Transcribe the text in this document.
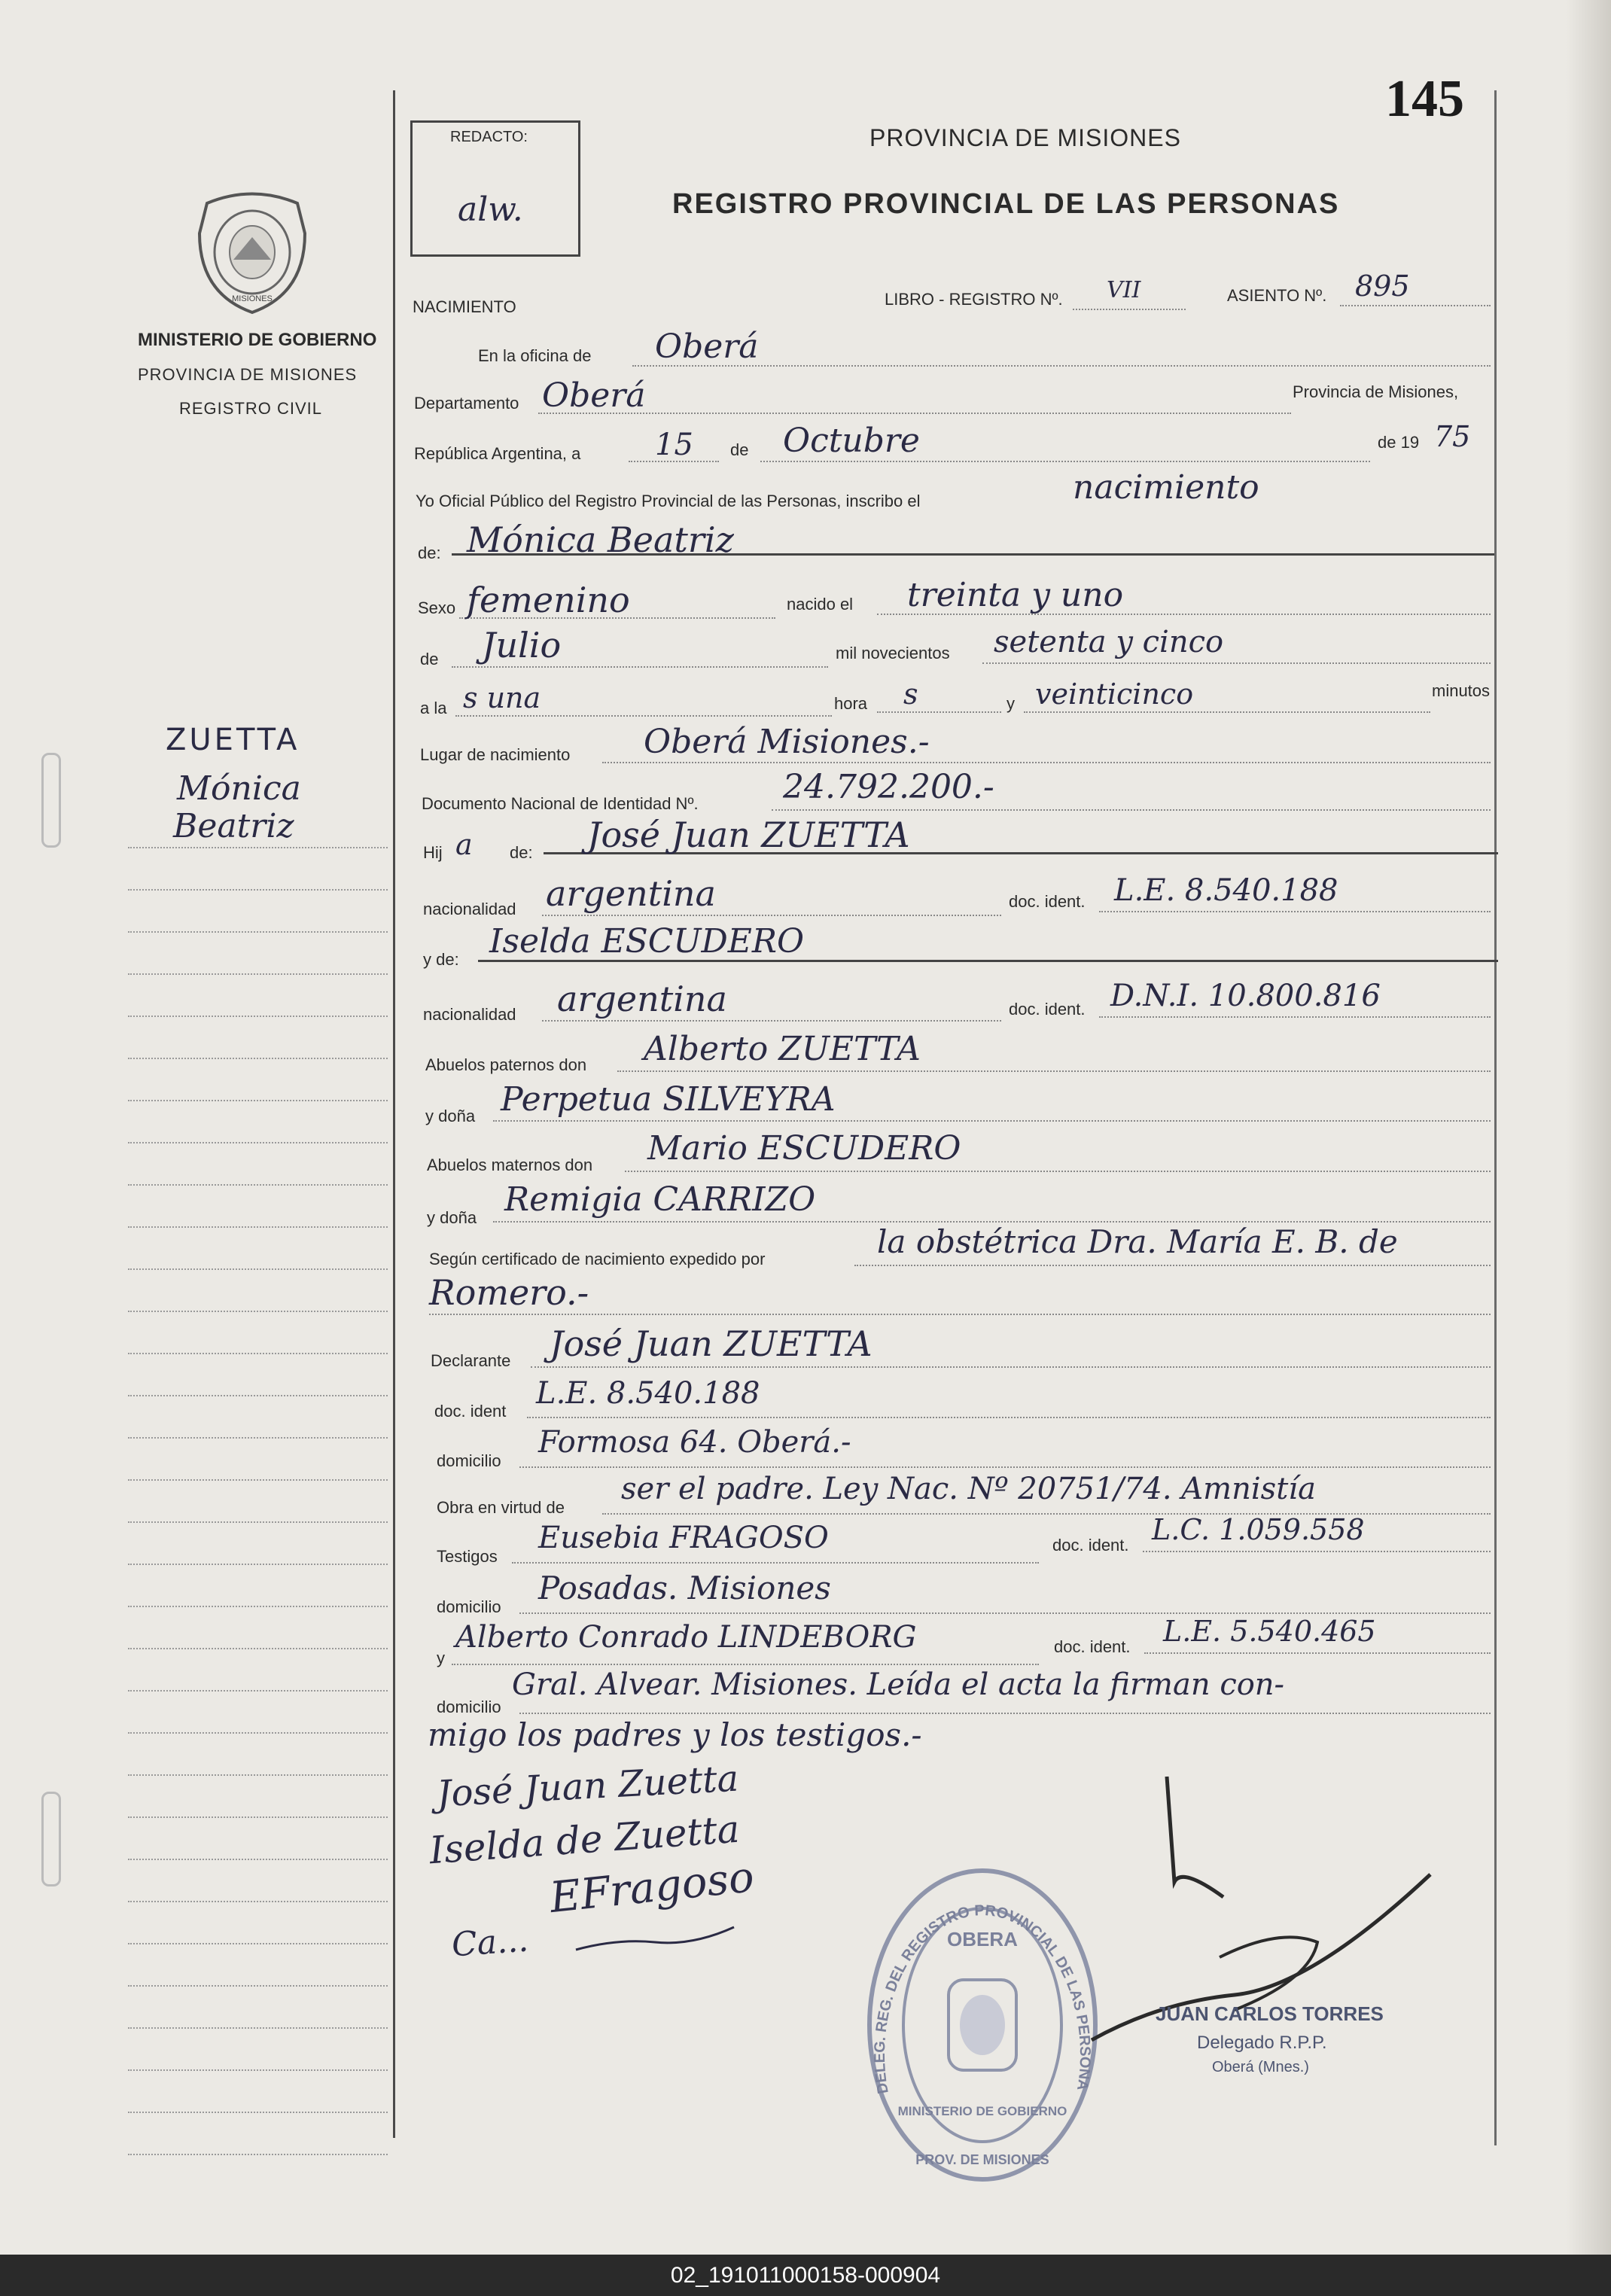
145
MISIONES
MINISTERIO DE GOBIERNO
PROVINCIA DE MISIONES
REGISTRO CIVIL
REDACTO:
alw.
PROVINCIA DE MISIONES
REGISTRO PROVINCIAL DE LAS PERSONAS
ZUETTA
Mónica
Beatriz
NACIMIENTO	LIBRO - REGISTRO Nº. VII	ASIENTO Nº. 895
En la oficina de Oberá
Departamento Oberá	Provincia de Misiones,
República Argentina, a 15 de Octubre	de 19 75
Yo Oficial Público del Registro Provincial de las Personas, inscribo el	nacimiento
de: Mónica Beatriz
Sexo femenino	nacido el treinta y uno
de Julio	mil novecientos setenta y cinco
a la s una	hora s	y veinticinco	minutos
Lugar de nacimiento Oberá Misiones.-
Documento Nacional de Identidad Nº.	24.792.200.-
Hij a de: José Juan ZUETTA
nacionalidad argentina	doc. ident. L.E. 8.540.188
y de: Iselda ESCUDERO
nacionalidad argentina	doc. ident. D.N.I. 10.800.816
Abuelos paternos don Alberto ZUETTA
y doña Perpetua SILVEYRA
Abuelos maternos don Mario ESCUDERO
y doña Remigia CARRIZO
Según certificado de nacimiento expedido por	la obstétrica Dra. María E. B. de
Romero.-
Declarante José Juan ZUETTA
doc. ident
L.E. 8.540.188
domicilio
Formosa 64. Oberá.-
Obra en virtud de
ser el padre. Ley Nac. Nº 20751/74. Amnistía
Testigos
Eusebia FRAGOSO	doc. ident. L.C. 1.059.558
domicilio
Posadas. Misiones
y
Alberto Conrado LINDEBORG	doc. ident. L.E. 5.540.465
domicilio
Gral. Alvear. Misiones. Leída el acta la firman con-
migo los padres y los testigos.-
José Juan Zuetta
Iselda de Zuetta
EFragoso
Ca...
DELEG. REG. DEL REGISTRO PROVINCIAL DE LAS PERSONA
OBERA
MINISTERIO DE GOBIERNO
PROV. DE MISIONES
JUAN CARLOS TORRES
Delegado R.P.P.
Oberá (Mnes.)
02_191011000158-000904
